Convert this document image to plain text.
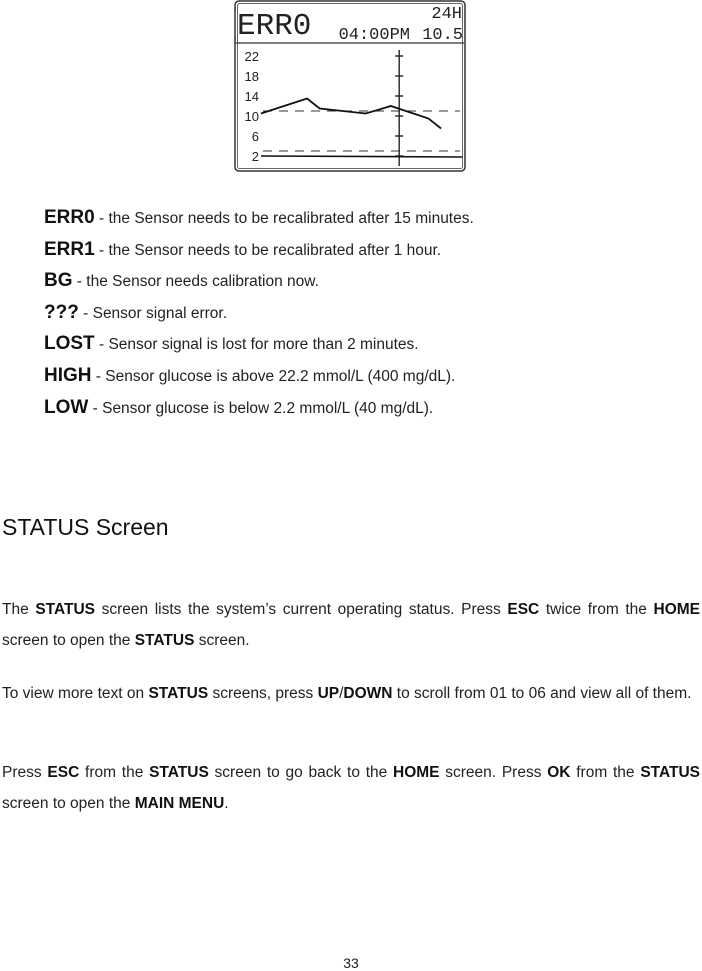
ERR0	24H
04:00PM 10.5
22
18
14
10
6
2
ERR0 - the Sensor needs to be recalibrated after 15 minutes.
ERR1 - the Sensor needs to be recalibrated after 1 hour.
BG - the Sensor needs calibration now.
??? - Sensor signal error.
LOST - Sensor signal is lost for more than 2 minutes.
HIGH - Sensor glucose is above 22.2 mmol/L (400 mg/dL).
LOW - Sensor glucose is below 2.2 mmol/L (40 mg/dL).
STATUS Screen

The STATUS screen lists the system’s current operating status. Press ESC twice from the HOME screen to open the STATUS screen.

To view more text on STATUS screens, press UP/DOWN to scroll from 01 to 06 and view all of them.

Press ESC from the STATUS screen to go back to the HOME screen. Press OK from the STATUS screen to open the MAIN MENU.

33
